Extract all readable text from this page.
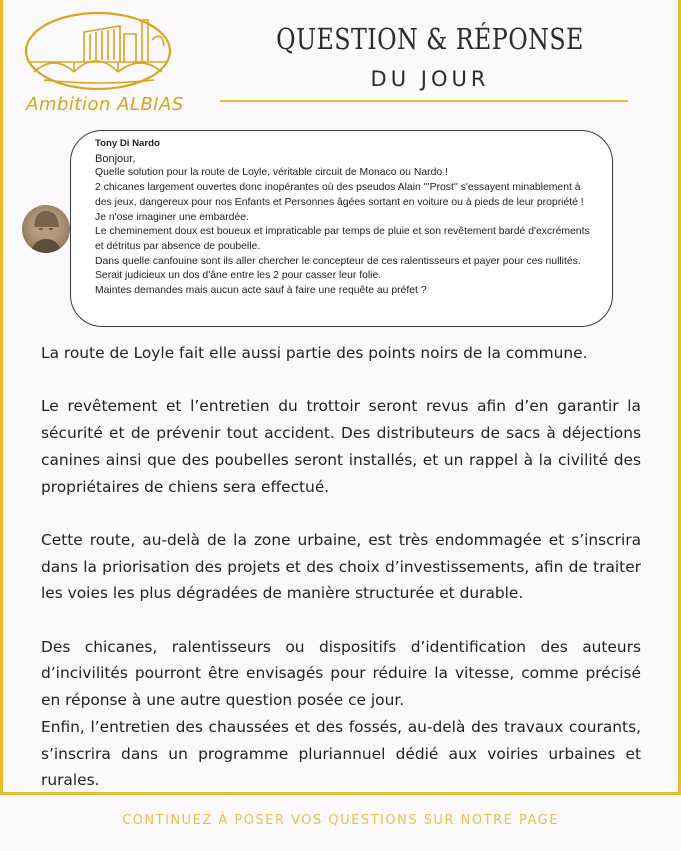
Ambition ALBIAS
QUESTION & RÉPONSE
DU JOUR

Tony Di Nardo

Bonjour,

Quelle solution pour la route de Loyle, véritable circuit de Monaco ou Nardo !

2 chicanes largement ouvertes donc inopérantes où des pseudos Alain '''Prost'' s'essayent minablement à des jeux, dangereux pour nos Enfants et Personnes âgées sortant en voiture ou à pieds de leur propriété !

Je n'ose imaginer une embardée.

Le cheminement doux est boueux et impraticable par temps de pluie et son revêtement bardé d'excréments et détritus par absence de poubelle.

Dans quelle canfouine sont ils aller chercher le concepteur de ces ralentisseurs et payer pour ces nullités.

Serait judicieux un dos d'âne entre les 2 pour casser leur folie.

Maintes demandes mais aucun acte sauf à faire une requête au préfet ?

La route de Loyle fait elle aussi partie des points noirs de la commune.

Le revêtement et l’entretien du trottoir seront revus afin d’en garantir la sécurité et de prévenir tout accident. Des distributeurs de sacs à déjections canines ainsi que des poubelles seront installés, et un rappel à la civilité des propriétaires de chiens sera effectué.

Cette route, au-delà de la zone urbaine, est très endommagée et s’inscrira dans la priorisation des projets et des choix d’investissements, afin de traiter les voies les plus dégradées de manière structurée et durable.

Des chicanes, ralentisseurs ou dispositifs d’identification des auteurs d’incivilités pourront être envisagés pour réduire la vitesse, comme précisé en réponse à une autre question posée ce jour.

Enfin, l’entretien des chaussées et des fossés, au-delà des travaux courants, s’inscrira dans un programme pluriannuel dédié aux voiries urbaines et rurales.

CONTINUEZ À POSER VOS QUESTIONS SUR NOTRE PAGE
